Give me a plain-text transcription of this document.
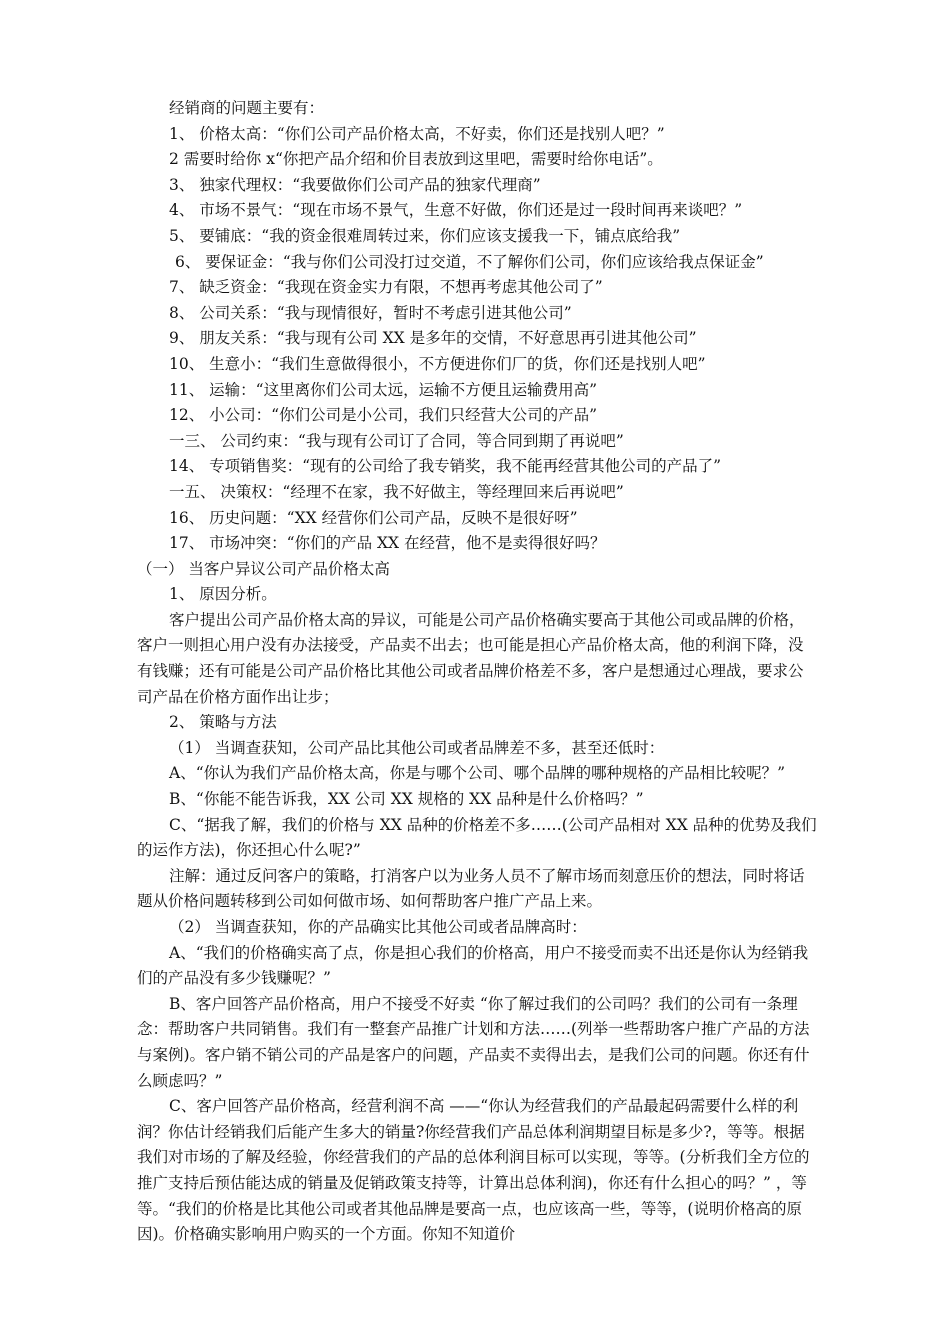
经销商的问题主要有：

1、 价格太高：“你们公司产品价格太高，不好卖，你们还是找别人吧？”

2 需要时给你 x“你把产品介绍和价目表放到这里吧，需要时给你电话”。

3、 独家代理权：“我要做你们公司产品的独家代理商”

4、 市场不景气：“现在市场不景气，生意不好做，你们还是过一段时间再来谈吧？”

5、 要铺底：“我的资金很难周转过来，你们应该支援我一下，铺点底给我”

6、 要保证金：“我与你们公司没打过交道，不了解你们公司，你们应该给我点保证金”

7、 缺乏资金：“我现在资金实力有限，不想再考虑其他公司了”

8、 公司关系：“我与现情很好，暂时不考虑引进其他公司”

9、 朋友关系：“我与现有公司 XX 是多年的交情，不好意思再引进其他公司”

10、 生意小：“我们生意做得很小，不方便进你们厂的货，你们还是找别人吧”

11、 运输：“这里离你们公司太远，运输不方便且运输费用高”

12、 小公司：“你们公司是小公司，我们只经营大公司的产品”

一三、 公司约束：“我与现有公司订了合同，等合同到期了再说吧”

14、 专项销售奖：“现有的公司给了我专销奖，我不能再经营其他公司的产品了”

一五、 决策权：“经理不在家，我不好做主，等经理回来后再说吧”

16、 历史问题：“XX 经营你们公司产品，反映不是很好呀”

17、 市场冲突：“你们的产品 XX 在经营，他不是卖得很好吗？

（一） 当客户异议公司产品价格太高

1、 原因分析。

客户提出公司产品价格太高的异议，可能是公司产品价格确实要高于其他公司或品牌的价格，客户一则担心用户没有办法接受，产品卖不出去；也可能是担心产品价格太高，他的利润下降，没有钱赚；还有可能是公司产品价格比其他公司或者品牌价格差不多，客户是想通过心理战，要求公司产品在价格方面作出让步；

2、 策略与方法

（1） 当调查获知，公司产品比其他公司或者品牌差不多，甚至还低时：

A、“你认为我们产品价格太高，你是与哪个公司、哪个品牌的哪种规格的产品相比较呢？”

B、“你能不能告诉我，XX 公司 XX 规格的 XX 品种是什么价格吗？”

C、“据我了解，我们的价格与 XX 品种的价格差不多……(公司产品相对 XX 品种的优势及我们的运作方法)，你还担心什么呢?”

注解：通过反问客户的策略，打消客户以为业务人员不了解市场而刻意压价的想法，同时将话题从价格问题转移到公司如何做市场、如何帮助客户推广产品上来。

（2） 当调查获知，你的产品确实比其他公司或者品牌高时：

A、“我们的价格确实高了点，你是担心我们的价格高，用户不接受而卖不出还是你认为经销我们的产品没有多少钱赚呢？”

B、客户回答产品价格高，用户不接受不好卖 “你了解过我们的公司吗？我们的公司有一条理念：帮助客户共同销售。我们有一整套产品推广计划和方法……(列举一些帮助客户推广产品的方法与案例)。客户销不销公司的产品是客户的问题，产品卖不卖得出去，是我们公司的问题。你还有什么顾虑吗？”

C、客户回答产品价格高，经营利润不高 ——“你认为经营我们的产品最起码需要什么样的利润？你估计经销我们后能产生多大的销量?你经营我们产品总体利润期望目标是多少?，等等。根据我们对市场的了解及经验，你经营我们的产品的总体利润目标可以实现，等等。(分析我们全方位的推广支持后预估能达成的销量及促销政策支持等，计算出总体利润)，你还有什么担心的吗？” ，等等。“我们的价格是比其他公司或者其他品牌是要高一点，也应该高一些，等等，(说明价格高的原因)。价格确实影响用户购买的一个方面。你知不知道价
